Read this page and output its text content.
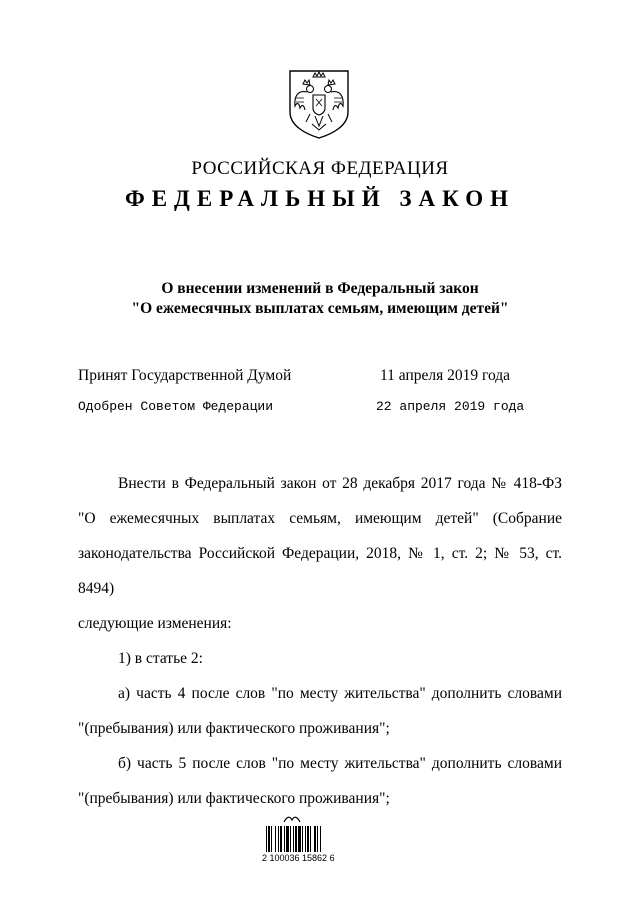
РОССИЙСКАЯ ФЕДЕРАЦИЯ
ФЕДЕРАЛЬНЫЙ ЗАКОН
О внесении изменений в Федеральный закон
"О ежемесячных выплатах семьям, имеющим детей"
Принят Государственной Думой	11 апреля 2019 года
Одобрен Советом Федерации	22 апреля 2019 года

Внести в Федеральный закон от 28 декабря 2017 года № 418-ФЗ

"О ежемесячных выплатах семьям, имеющим детей" (Собрание

законодательства Российской Федерации, 2018, № 1, ст. 2; № 53, ст. 8494)

следующие изменения:

1) в статье 2:

а) часть 4 после слов "по месту жительства" дополнить словами

"(пребывания) или фактического проживания";

б) часть 5 после слов "по месту жительства" дополнить словами

"(пребывания) или фактического проживания";

2 100036 15862 6
